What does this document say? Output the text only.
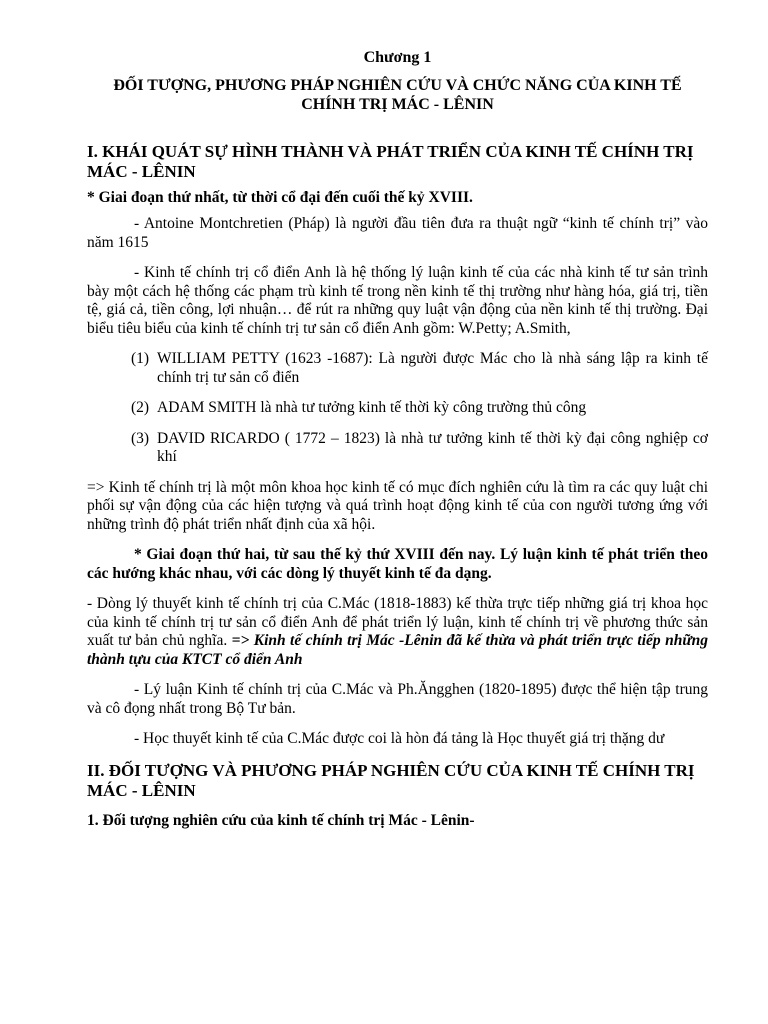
Chương 1
ĐỐI TƯỢNG, PHƯƠNG PHÁP NGHIÊN CỨU VÀ CHỨC NĂNG CỦA KINH TẾ CHÍNH TRỊ MÁC - LÊNIN
I. KHÁI QUÁT SỰ HÌNH THÀNH VÀ PHÁT TRIỂN CỦA KINH TẾ CHÍNH TRỊ MÁC - LÊNIN
* Giai đoạn thứ nhất, từ thời cổ đại đến cuối thế kỷ XVIII.

- Antoine Montchretien (Pháp) là người đầu tiên đưa ra thuật ngữ “kinh tế chính trị” vào năm 1615

- Kinh tế chính trị cổ điển Anh là hệ thống lý luận kinh tế của các nhà kinh tế tư sản trình bày một cách hệ thống các phạm trù kinh tế trong nền kinh tế thị trường như hàng hóa, giá trị, tiền tệ, giá cả, tiền công, lợi nhuận… để rút ra những quy luật vận động của nền kinh tế thị trường. Đại biểu tiêu biểu của kinh tế chính trị tư sản cổ điển Anh gồm: W.Petty; A.Smith,

(1) WILLIAM PETTY (1623 -1687): Là người được Mác cho là nhà sáng lập ra kinh tế chính trị tư sản cổ điển
(2) ADAM SMITH là nhà tư tưởng kinh tế thời kỳ công trường thủ công
(3) DAVID RICARDO ( 1772 – 1823) là nhà tư tưởng kinh tế thời kỳ đại công nghiệp cơ khí

=> Kinh tế chính trị là một môn khoa học kinh tế có mục đích nghiên cứu là tìm ra các quy luật chi phối sự vận động của các hiện tượng và quá trình hoạt động kinh tế của con người tương ứng với những trình độ phát triển nhất định của xã hội.

* Giai đoạn thứ hai, từ sau thế kỷ thứ XVIII đến nay. Lý luận kinh tế phát triển theo các hướng khác nhau, với các dòng lý thuyết kinh tế đa dạng.

- Dòng lý thuyết kinh tế chính trị của C.Mác (1818-1883) kế thừa trực tiếp những giá trị khoa học của kinh tế chính trị tư sản cổ điển Anh để phát triển lý luận, kinh tế chính trị về phương thức sản xuất tư bản chủ nghĩa. => Kinh tế chính trị Mác -Lênin đã kế thừa và phát triển trực tiếp những thành tựu của KTCT cổ điển Anh

- Lý luận Kinh tế chính trị của C.Mác và Ph.Ăngghen (1820-1895) được thể hiện tập trung và cô đọng nhất trong Bộ Tư bản.

- Học thuyết kinh tế của C.Mác được coi là hòn đá tảng là Học thuyết giá trị thặng dư

II. ĐỐI TƯỢNG VÀ PHƯƠNG PHÁP NGHIÊN CỨU CỦA KINH TẾ CHÍNH TRỊ MÁC - LÊNIN
1. Đối tượng nghiên cứu của kinh tế chính trị Mác - Lênin-
